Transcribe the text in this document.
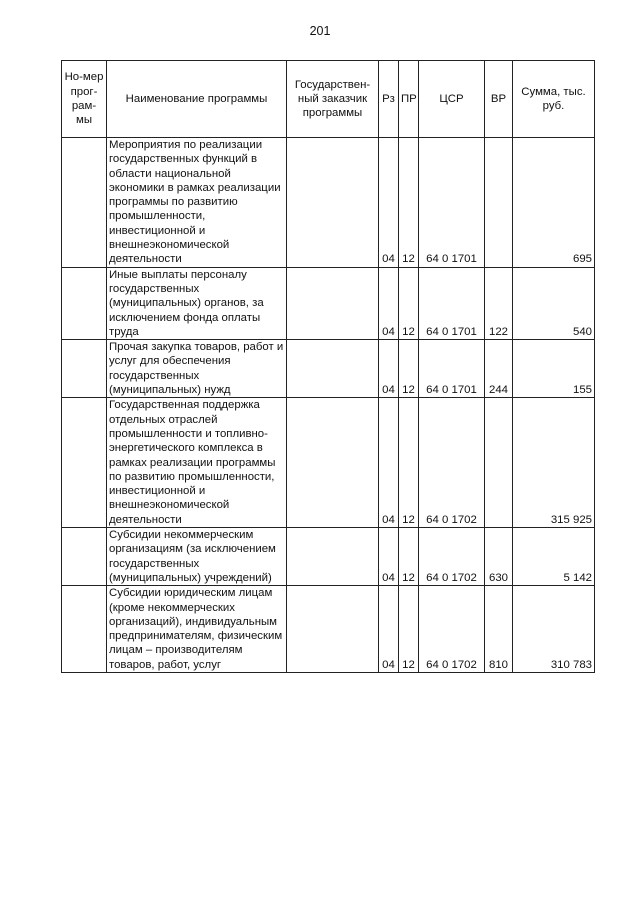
201
Но-мер прог-рам-мы	Наименование программы	Государствен-ный заказчик программы	Рз	ПР	ЦСР	ВР	Сумма, тыс. руб.
	Мероприятия по реализации государственных функций в области национальной экономики в рамках реализации программы по развитию промышленности, инвестиционной и внешнеэкономической деятельности		04	12	64 0 1701		695
	Иные выплаты персоналу государственных (муниципальных) органов, за исключением фонда оплаты труда		04	12	64 0 1701	122	540
	Прочая закупка товаров, работ и услуг для обеспечения государственных (муниципальных) нужд		04	12	64 0 1701	244	155
	Государственная поддержка отдельных отраслей промышленности и топливно-энергетического комплекса в рамках реализации программы по развитию промышленности, инвестиционной и внешнеэкономической деятельности		04	12	64 0 1702		315 925
	Субсидии некоммерческим организациям (за исключением государственных (муниципальных) учреждений)		04	12	64 0 1702	630	5 142
	Субсидии юридическим лицам (кроме некоммерческих организаций), индивидуальным предпринимателям, физическим лицам – производителям товаров, работ, услуг		04	12	64 0 1702	810	310 783
